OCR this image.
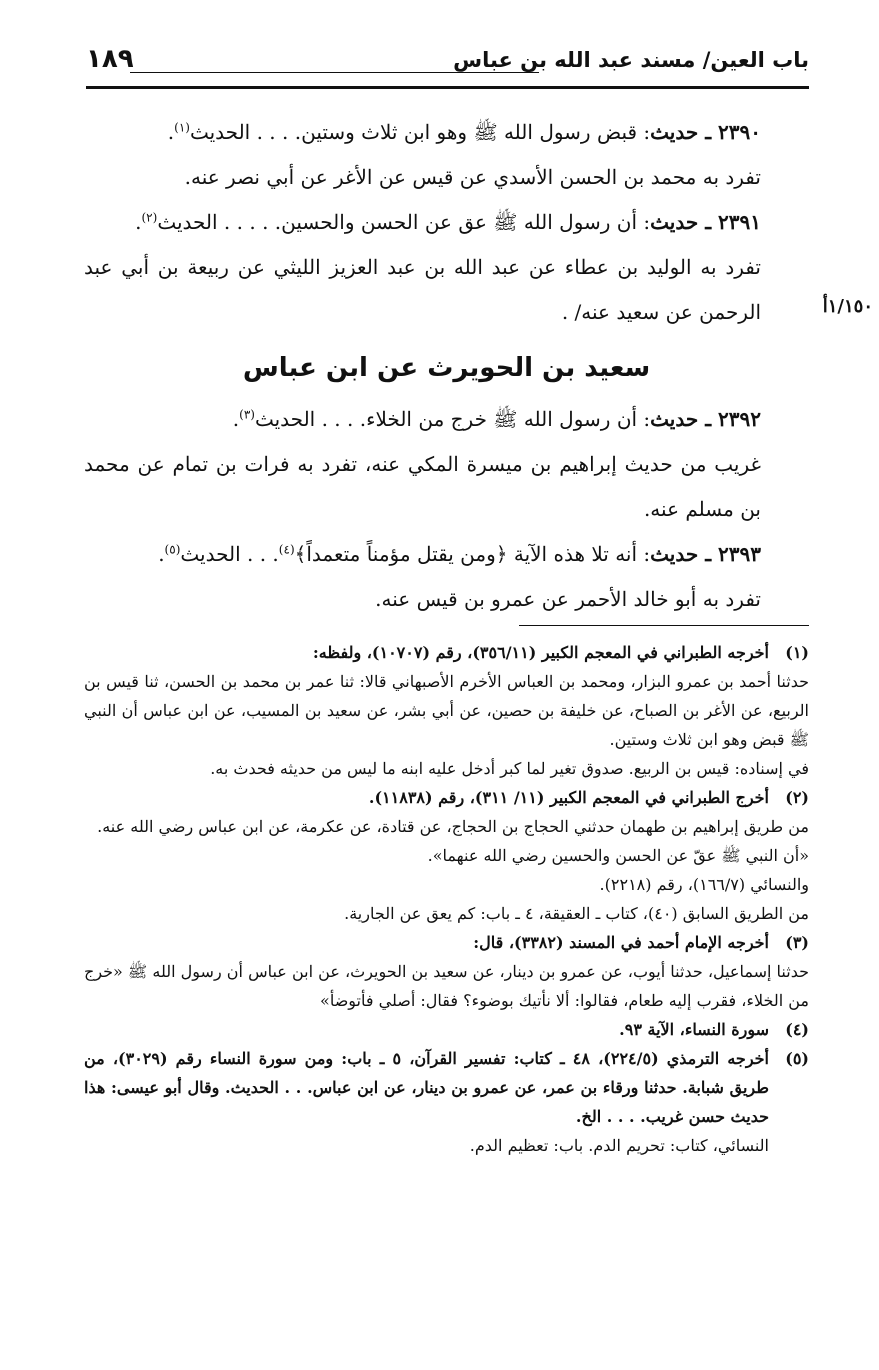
باب العين/ مسند عبد الله بن عباس
١٨٩
١/١٥٠أ

٢٣٩٠ ـ حديث: قبض رسول الله ﷺ وهو ابن ثلاث وستين. . . . الحديث$^{(١)}$.

تفرد به محمد بن الحسن الأسدي عن قيس عن الأغر عن أبي نصر عنه.

٢٣٩١ ـ حديث: أن رسول الله ﷺ عق عن الحسن والحسين. . . . . الحديث$^{(٢)}$.

تفرد به الوليد بن عطاء عن عبد الله بن عبد العزيز الليثي عن ربيعة بن أبي عبد الرحمن عن سعيد عنه/ .

سعيد بن الحويرث عن ابن عباس

٢٣٩٢ ـ حديث: أن رسول الله ﷺ خرج من الخلاء. . . . الحديث$^{(٣)}$.

غريب من حديث إبراهيم بن ميسرة المكي عنه، تفرد به فرات بن تمام عن محمد بن مسلم عنه.

٢٣٩٣ ـ حديث: أنه تلا هذه الآية ﴿ومن يقتل مؤمناً متعمداً﴾$^{(٤)}$. . . الحديث$^{(٥)}$.

تفرد به أبو خالد الأحمر عن عمرو بن قيس عنه.

(١)

أخرجه الطبراني في المعجم الكبير (٣٥٦/١١)، رقم (١٠٧٠٧)، ولفظه:

حدثنا أحمد بن عمرو البزار، ومحمد بن العباس الأخرم الأصبهاني قالا: ثنا عمر بن محمد بن الحسن، ثنا قيس بن الربيع، عن الأغر بن الصباح، عن خليفة بن حصين، عن أبي بشر، عن سعيد بن المسيب، عن ابن عباس أن النبي ﷺ قبض وهو ابن ثلاث وستين.

في إسناده: قيس بن الربيع. صدوق تغير لما كبر أدخل عليه ابنه ما ليس من حديثه فحدث به.

(٢)

أخرج الطبراني في المعجم الكبير (١١/ ٣١١)، رقم (١١٨٣٨).

من طريق إبراهيم بن طهمان حدثني الحجاج بن الحجاج، عن قتادة، عن عكرمة، عن ابن عباس رضي الله عنه.

«أن النبي ﷺ عقّ عن الحسن والحسين رضي الله عنهما».

والنسائي (١٦٦/٧)، رقم (٢٢١٨).

من الطريق السابق (٤٠)، كتاب ـ العقيقة، ٤ ـ باب: كم يعق عن الجارية.

(٣)

أخرجه الإمام أحمد في المسند (٣٣٨٢)، قال:

حدثنا إسماعيل، حدثنا أيوب، عن عمرو بن دينار، عن سعيد بن الحويرث، عن ابن عباس أن رسول الله ﷺ «خرج من الخلاء، فقرب إليه طعام، فقالوا: ألا نأتيك بوضوء؟ فقال: أصلي فأتوضأ»

(٤)

سورة النساء، الآية ٩٣.

(٥)

أخرجه الترمذي (٢٢٤/٥)، ٤٨ ـ كتاب: تفسير القرآن، ٥ ـ باب: ومن سورة النساء رقم (٣٠٢٩)، من طريق شبابة. حدثنا ورقاء بن عمر، عن عمرو بن دينار، عن ابن عباس. . . الحديث. وقال أبو عيسى: هذا حديث حسن غريب. . . . الخ.

النسائي، كتاب: تحريم الدم. باب: تعظيم الدم.
